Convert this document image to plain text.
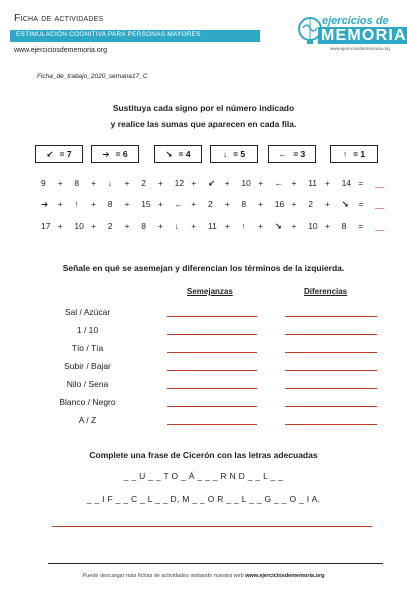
Ficha de actividades
ESTIMULACIÓN COGNITIVA PARA PERSONAS MAYORES
www.ejerciciosdememoria.org
ejercicios de
MEMORIA
www.ejerciciosdememoria.org
Ficha_de_trabajo_2020_semana17_C
Sustituya cada signo por el número indicado
y realice las sumas que aparecen en cada fila.
↙ = 7	➔ = 6	↘ = 4	↓ = 5	← = 3	↑ = 1
9 + 8 + ↓ + 2 + 12 + ↙ + 10 + ← + 11 + 14 = __
➔ + ↑ + 8 + 15 + ← + 2 + 8 + 16 + 2 + ↘ = __
17 + 10 + 2 + 8 + ↓ + 11 + ↑ + ↘ + 10 + 8 = __
Señale en qué se asemejan y diferencian los términos de la izquierda.
Semejanzas	Diferencias
Sal / Azúcar
1 / 10
Tío / Tía
Subir / Bajar
Nilo / Sena
Blanco / Negro
A / Z
Complete una frase de Cicerón con las letras adecuadas
_ _ U _ _ T O _ Á _ _ _ R N D _ _ L _ _
_ _ I F _ _ C _ L _ _ D, M _ _ O R _ _ L _ _ G _ _ O _ I A.
Puede descargar más fichas de actividades visitando nuestra web www.ejerciciosdememoria.org
